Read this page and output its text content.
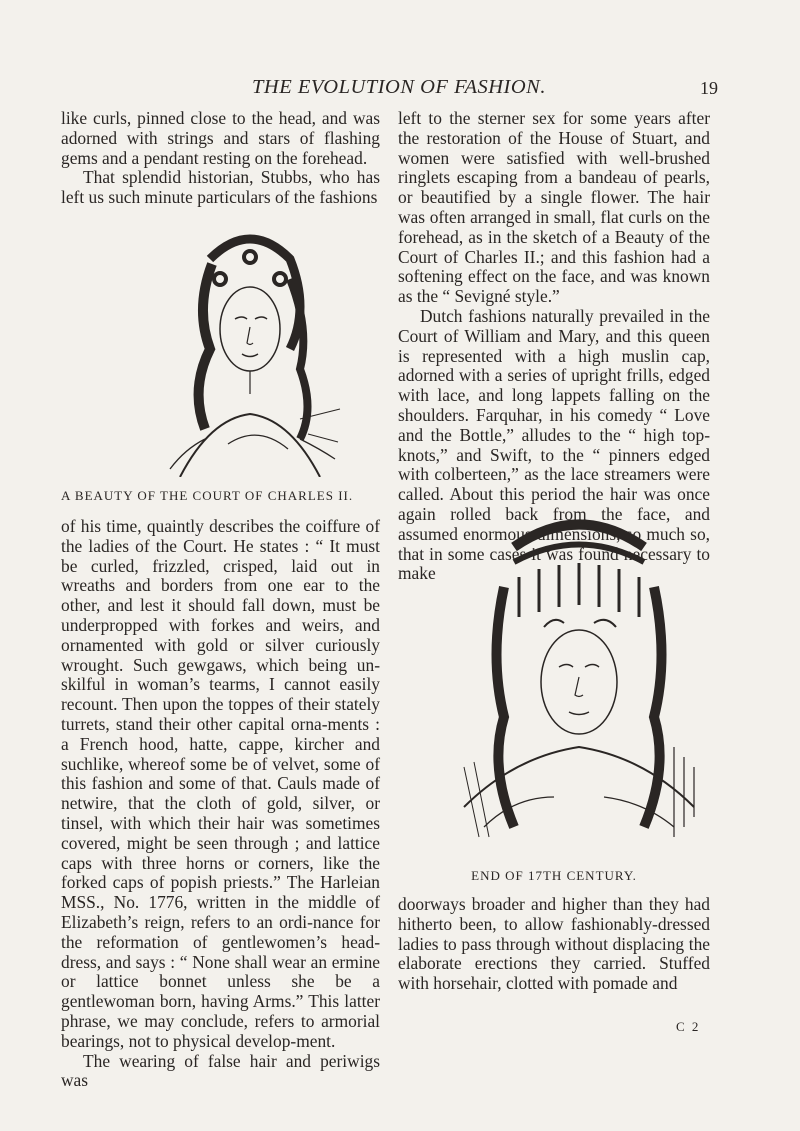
THE EVOLUTION OF FASHION.	19

like curls, pinned close to the head, and was adorned with strings and stars of flashing gems and a pendant resting on the forehead.

That splendid historian, Stubbs, who has left us such minute particulars of the fashions

A BEAUTY OF THE COURT OF CHARLES II.

of his time, quaintly describes the coiffure of the ladies of the Court. He states : “ It must be curled, frizzled, crisped, laid out in wreaths and borders from one ear to the other, and lest it should fall down, must be underpropped with forkes and weirs, and ornamented with gold or silver curiously wrought. Such gewgaws, which being un-skilful in woman’s tearms, I cannot easily recount. Then upon the toppes of their stately turrets, stand their other capital orna-ments : a French hood, hatte, cappe, kircher and suchlike, whereof some be of velvet, some of this fashion and some of that. Cauls made of netwire, that the cloth of gold, silver, or tinsel, with which their hair was sometimes covered, might be seen through ; and lattice caps with three horns or corners, like the forked caps of popish priests.” The Harleian MSS., No. 1776, written in the middle of Elizabeth’s reign, refers to an ordi-nance for the reformation of gentlewomen’s head-dress, and says : “ None shall wear an ermine or lattice bonnet unless she be a gentlewoman born, having Arms.” This latter phrase, we may conclude, refers to armorial bearings, not to physical develop-ment.

The wearing of false hair and periwigs was

left to the sterner sex for some years after the restoration of the House of Stuart, and women were satisfied with well-brushed ringlets escaping from a bandeau of pearls, or beautified by a single flower. The hair was often arranged in small, flat curls on the forehead, as in the sketch of a Beauty of the Court of Charles II.; and this fashion had a softening effect on the face, and was known as the “ Sevigné style.”

Dutch fashions naturally prevailed in the Court of William and Mary, and this queen is represented with a high muslin cap, adorned with a series of upright frills, edged with lace, and long lappets falling on the shoulders. Farquhar, in his comedy “ Love and the Bottle,” alludes to the “ high top-knots,” and Swift, to the “ pinners edged with colberteen,” as the lace streamers were called. About this period the hair was once again rolled back from the face, and assumed enormous dimensions, so much so, that in some cases it was found necessary to make

END OF 17TH CENTURY.

doorways broader and higher than they had hitherto been, to allow fashionably-dressed ladies to pass through without displacing the elaborate erections they carried. Stuffed with horsehair, clotted with pomade and

C 2
